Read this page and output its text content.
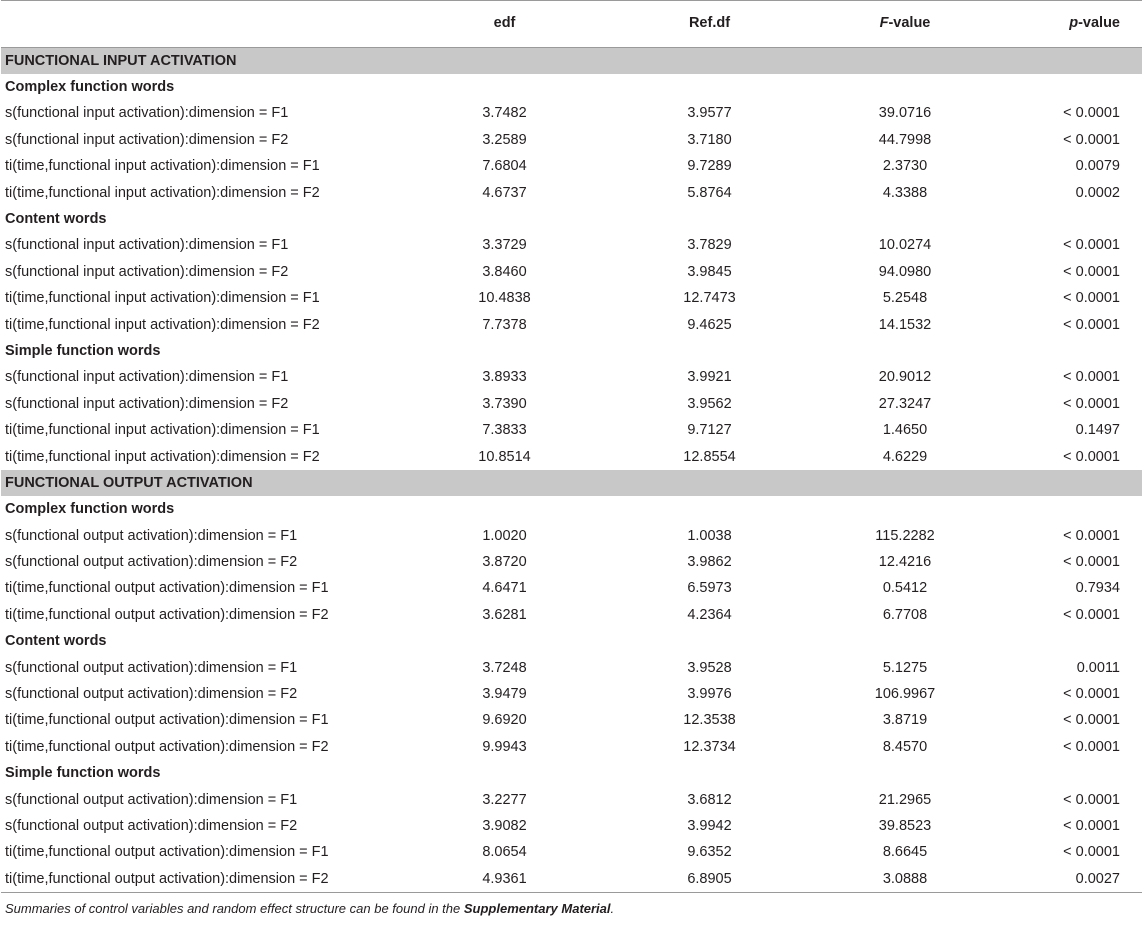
	edf	Ref.df	F-value	p-value
FUNCTIONAL INPUT ACTIVATION				
Complex function words				
s(functional input activation):dimension = F1	3.7482	3.9577	39.0716	< 0.0001
s(functional input activation):dimension = F2	3.2589	3.7180	44.7998	< 0.0001
ti(time,functional input activation):dimension = F1	7.6804	9.7289	2.3730	0.0079
ti(time,functional input activation):dimension = F2	4.6737	5.8764	4.3388	0.0002
Content words				
s(functional input activation):dimension = F1	3.3729	3.7829	10.0274	< 0.0001
s(functional input activation):dimension = F2	3.8460	3.9845	94.0980	< 0.0001
ti(time,functional input activation):dimension = F1	10.4838	12.7473	5.2548	< 0.0001
ti(time,functional input activation):dimension = F2	7.7378	9.4625	14.1532	< 0.0001
Simple function words				
s(functional input activation):dimension = F1	3.8933	3.9921	20.9012	< 0.0001
s(functional input activation):dimension = F2	3.7390	3.9562	27.3247	< 0.0001
ti(time,functional input activation):dimension = F1	7.3833	9.7127	1.4650	0.1497
ti(time,functional input activation):dimension = F2	10.8514	12.8554	4.6229	< 0.0001
FUNCTIONAL OUTPUT ACTIVATION				
Complex function words				
s(functional output activation):dimension = F1	1.0020	1.0038	115.2282	< 0.0001
s(functional output activation):dimension = F2	3.8720	3.9862	12.4216	< 0.0001
ti(time,functional output activation):dimension = F1	4.6471	6.5973	0.5412	0.7934
ti(time,functional output activation):dimension = F2	3.6281	4.2364	6.7708	< 0.0001
Content words				
s(functional output activation):dimension = F1	3.7248	3.9528	5.1275	0.0011
s(functional output activation):dimension = F2	3.9479	3.9976	106.9967	< 0.0001
ti(time,functional output activation):dimension = F1	9.6920	12.3538	3.8719	< 0.0001
ti(time,functional output activation):dimension = F2	9.9943	12.3734	8.4570	< 0.0001
Simple function words				
s(functional output activation):dimension = F1	3.2277	3.6812	21.2965	< 0.0001
s(functional output activation):dimension = F2	3.9082	3.9942	39.8523	< 0.0001
ti(time,functional output activation):dimension = F1	8.0654	9.6352	8.6645	< 0.0001
ti(time,functional output activation):dimension = F2	4.9361	6.8905	3.0888	0.0027
Summaries of control variables and random effect structure can be found in the Supplementary Material.
